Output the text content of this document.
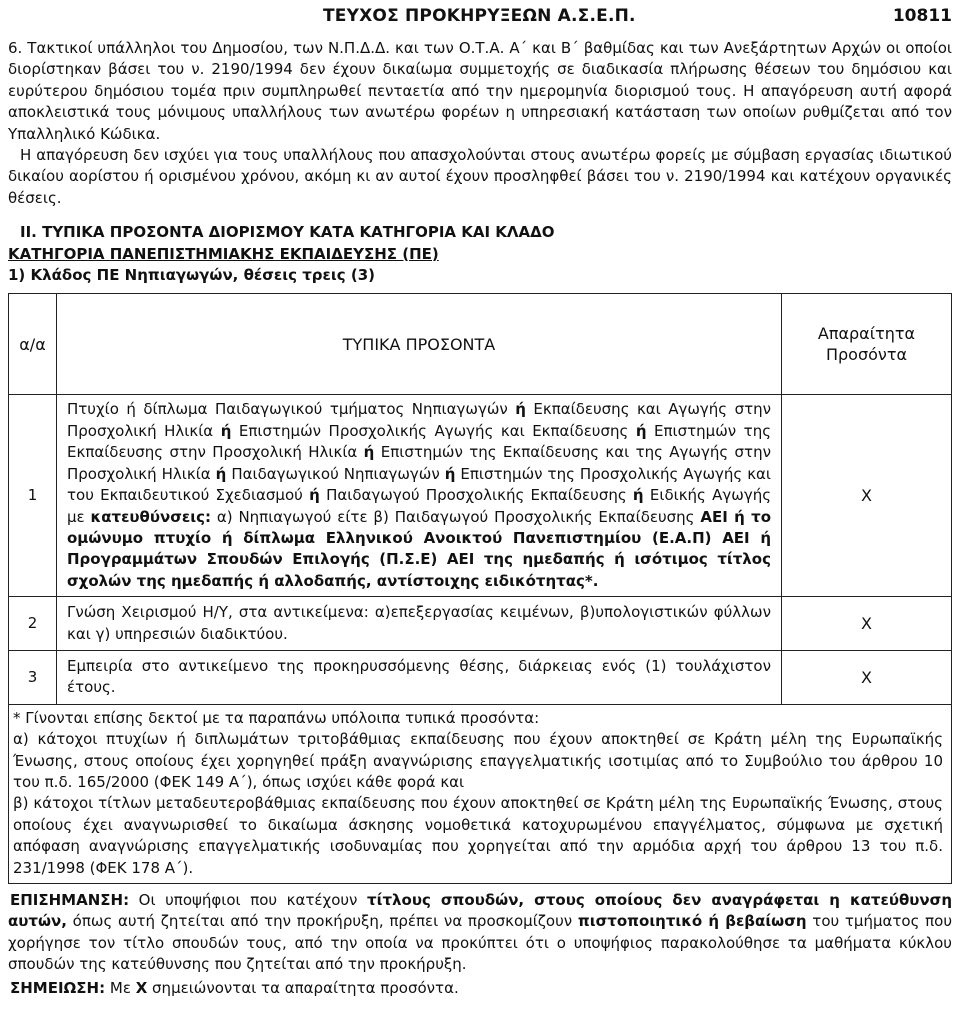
ΤΕΥΧΟΣ ΠΡΟΚΗΡΥΞΕΩΝ Α.Σ.Ε.Π.	10811

6. Τακτικοί υπάλληλοι του Δημοσίου, των Ν.Π.Δ.Δ. και των Ο.Τ.Α. Α΄ και Β΄ βαθμίδας και των Ανεξάρτητων Αρχών οι οποίοι διορίστηκαν βάσει του ν. 2190/1994 δεν έχουν δικαίωμα συμμετοχής σε διαδικασία πλήρωσης θέσεων του δημόσιου και ευρύτερου δημόσιου τομέα πριν συμπληρωθεί πενταετία από την ημερομηνία διορισμού τους. Η απαγόρευση αυτή αφορά αποκλειστικά τους μόνιμους υπαλλήλους των ανωτέρω φορέων η υπηρεσιακή κατάσταση των οποίων ρυθμίζεται από τον Υπαλληλικό Κώδικα.

Η απαγόρευση δεν ισχύει για τους υπαλλήλους που απασχολούνται στους ανωτέρω φορείς με σύμβαση εργασίας ιδιωτικού δικαίου αορίστου ή ορισμένου χρόνου, ακόμη κι αν αυτοί έχουν προσληφθεί βάσει του ν. 2190/1994 και κατέχουν οργανικές θέσεις.

ΙΙ. ΤΥΠΙΚΑ ΠΡΟΣΟΝΤΑ ΔΙΟΡΙΣΜΟΥ ΚΑΤΑ ΚΑΤΗΓΟΡΙΑ ΚΑΙ ΚΛΑΔΟ
ΚΑΤΗΓΟΡΙΑ ΠΑΝΕΠΙΣΤΗΜΙΑΚΗΣ ΕΚΠΑΙΔΕΥΣΗΣ (ΠΕ)
1) Κλάδος ΠΕ Νηπιαγωγών, θέσεις τρεις (3)
α/α	ΤΥΠΙΚΑ ΠΡΟΣΟΝΤΑ	Απαραίτητα
Προσόντα
1	Πτυχίο ή δίπλωμα Παιδαγωγικού τμήματος Νηπιαγωγών ή Εκπαίδευσης και Αγωγής στην Προσχολική Ηλικία ή Επιστημών Προσχολικής Αγωγής και Εκπαίδευσης ή Επιστημών της Εκπαίδευσης στην Προσχολική Ηλικία ή Επιστημών της Εκπαίδευσης και της Αγωγής στην Προσχολική Ηλικία ή Παιδαγωγικού Νηπιαγωγών ή Επιστημών της Προσχολικής Αγωγής και του Εκπαιδευτικού Σχεδιασμού ή Παιδαγωγού Προσχολικής Εκπαίδευσης ή Ειδικής Αγωγής με κατευθύνσεις: α) Νηπιαγωγού είτε β) Παιδαγωγού Προσχολικής Εκπαίδευσης ΑΕΙ ή το ομώνυμο πτυχίο ή δίπλωμα Ελληνικού Ανοικτού Πανεπιστημίου (Ε.Α.Π) ΑΕΙ ή Προγραμμάτων Σπουδών Επιλογής (Π.Σ.Ε) ΑΕΙ της ημεδαπής ή ισότιμος τίτλος σχολών της ημεδαπής ή αλλοδαπής, αντίστοιχης ειδικότητας*.	Χ
2	Γνώση Χειρισμού Η/Υ, στα αντικείμενα: α)επεξεργασίας κειμένων, β)υπολογιστικών φύλλων και γ) υπηρεσιών διαδικτύου.	Χ
3	Εμπειρία στο αντικείμενο της προκηρυσσόμενης θέσης, διάρκειας ενός (1) τουλάχιστον έτους.	Χ

* Γίνονται επίσης δεκτοί με τα παραπάνω υπόλοιπα τυπικά προσόντα:
α) κάτοχοι πτυχίων ή διπλωμάτων τριτοβάθμιας εκπαίδευσης που έχουν αποκτηθεί σε Κράτη μέλη της Ευρωπαϊκής Ένωσης, στους οποίους έχει χορηγηθεί πράξη αναγνώρισης επαγγελματικής ισοτιμίας από το Συμβούλιο του άρθρου 10 του π.δ. 165/2000 (ΦΕΚ 149 Α΄), όπως ισχύει κάθε φορά και
β) κάτοχοι τίτλων μεταδευτεροβάθμιας εκπαίδευσης που έχουν αποκτηθεί σε Κράτη μέλη της Ευρωπαϊκής Ένωσης, στους οποίους έχει αναγνωρισθεί το δικαίωμα άσκησης νομοθετικά κατοχυρωμένου επαγγέλματος, σύμφωνα με σχετική απόφαση αναγνώρισης επαγγελματικής ισοδυναμίας που χορηγείται από την αρμόδια αρχή του άρθρου 13 του π.δ. 231/1998 (ΦΕΚ 178 Α΄).		

ΕΠΙΣΗΜΑΝΣΗ: Οι υποψήφιοι που κατέχουν τίτλους σπουδών, στους οποίους δεν αναγράφεται η κατεύθυνση αυτών, όπως αυτή ζητείται από την προκήρυξη, πρέπει να προσκομίζουν πιστοποιητικό ή βεβαίωση του τμήματος που χορήγησε τον τίτλο σπουδών τους, από την οποία να προκύπτει ότι ο υποψήφιος παρακολούθησε τα μαθήματα κύκλου σπουδών της κατεύθυνσης που ζητείται από την προκήρυξη.

ΣΗΜΕΙΩΣΗ: Με Χ σημειώνονται τα απαραίτητα προσόντα.
